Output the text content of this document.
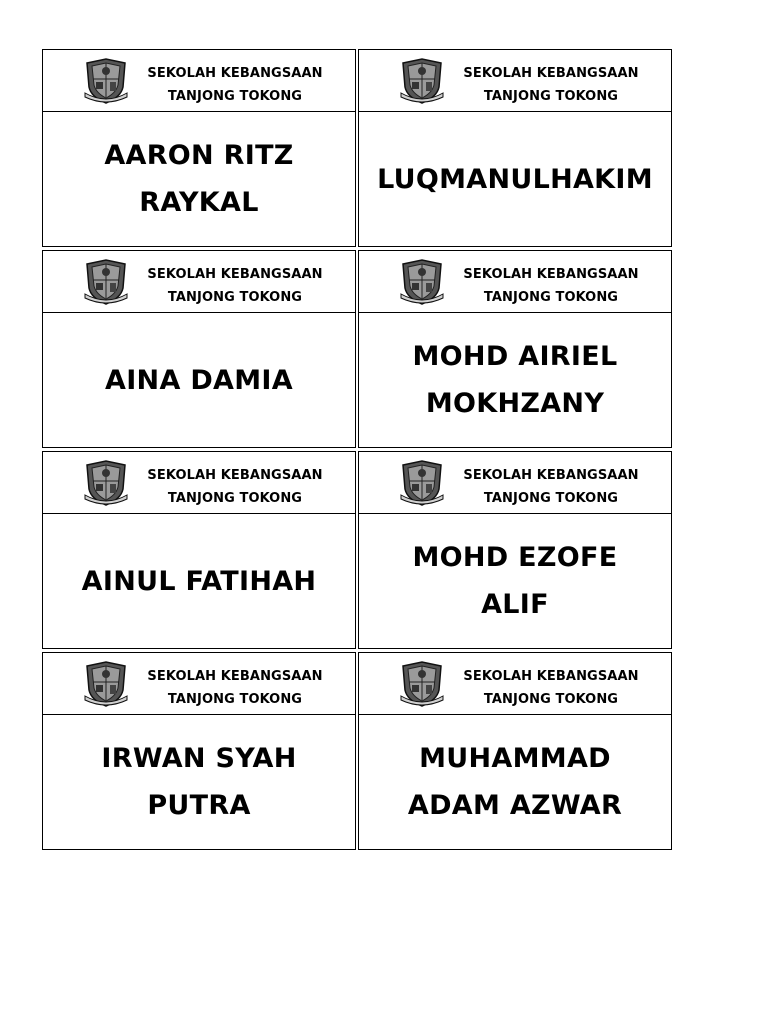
SEKOLAH KEBANGSAAN
TANJONG TOKONG
AARON RITZ
RAYKAL
SEKOLAH KEBANGSAAN
TANJONG TOKONG
LUQMANULHAKIM
SEKOLAH KEBANGSAAN
TANJONG TOKONG
AINA DAMIA
SEKOLAH KEBANGSAAN
TANJONG TOKONG
MOHD AIRIEL
MOKHZANY
SEKOLAH KEBANGSAAN
TANJONG TOKONG
AINUL FATIHAH
SEKOLAH KEBANGSAAN
TANJONG TOKONG
MOHD EZOFE ALIF
SEKOLAH KEBANGSAAN
TANJONG TOKONG
IRWAN SYAH
PUTRA
SEKOLAH KEBANGSAAN
TANJONG TOKONG
MUHAMMAD
ADAM AZWAR
